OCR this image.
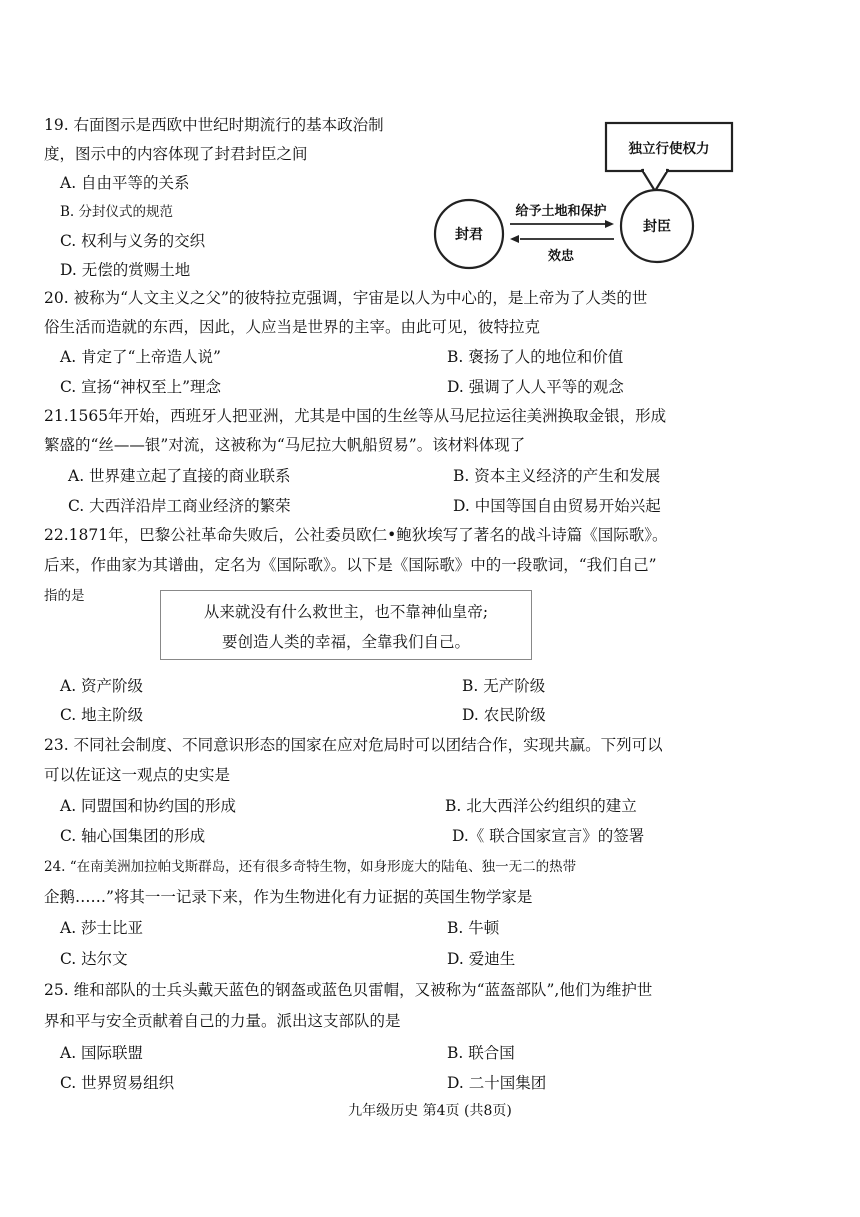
19. 右面图示是西欧中世纪时期流行的基本政治制
度，图示中的内容体现了封君封臣之间
A. 自由平等的关系
B. 分封仪式的规范
C. 权利与义务的交织
D. 无偿的赏赐土地
独立行使权力
封君	封臣
给予土地和保护
效忠
20. 被称为“人文主义之父”的彼特拉克强调，宇宙是以人为中心的，是上帝为了人类的世
俗生活而造就的东西，因此，人应当是世界的主宰。由此可见，彼特拉克
A. 肯定了“上帝造人说”	B. 褒扬了人的地位和价值
C. 宣扬“神权至上”理念	D. 强调了人人平等的观念
21.1565年开始，西班牙人把亚洲，尤其是中国的生丝等从马尼拉运往美洲换取金银，形成
繁盛的“丝——银”对流，这被称为“马尼拉大帆船贸易”。该材料体现了
A. 世界建立起了直接的商业联系	B. 资本主义经济的产生和发展
C. 大西洋沿岸工商业经济的繁荣	D. 中国等国自由贸易开始兴起
22.1871年，巴黎公社革命失败后，公社委员欧仁•鲍狄埃写了著名的战斗诗篇《国际歌》。
后来，作曲家为其谱曲，定名为《国际歌》。以下是《国际歌》中的一段歌词，“我们自己”
指的是
从来就没有什么救世主，也不靠神仙皇帝;
要创造人类的幸福，全靠我们自己。
A. 资产阶级	B. 无产阶级
C. 地主阶级	D. 农民阶级
23. 不同社会制度、不同意识形态的国家在应对危局时可以团结合作，实现共赢。下列可以
可以佐证这一观点的史实是
A. 同盟国和协约国的形成	B. 北大西洋公约组织的建立
C. 轴心国集团的形成	D.《 联合国家宣言》的签署
24. “在南美洲加拉帕戈斯群岛，还有很多奇特生物，如身形庞大的陆龟、独一无二的热带
企鹅……”将其一一记录下来，作为生物进化有力证据的英国生物学家是
A. 莎士比亚	B. 牛顿
C. 达尔文	D. 爱迪生
25. 维和部队的士兵头戴天蓝色的钢盔或蓝色贝雷帽，又被称为“蓝盔部队”,他们为维护世
界和平与安全贡献着自己的力量。派出这支部队的是
A. 国际联盟	B. 联合国
C. 世界贸易组织	D. 二十国集团
九年级历史 第4页 (共8页)
